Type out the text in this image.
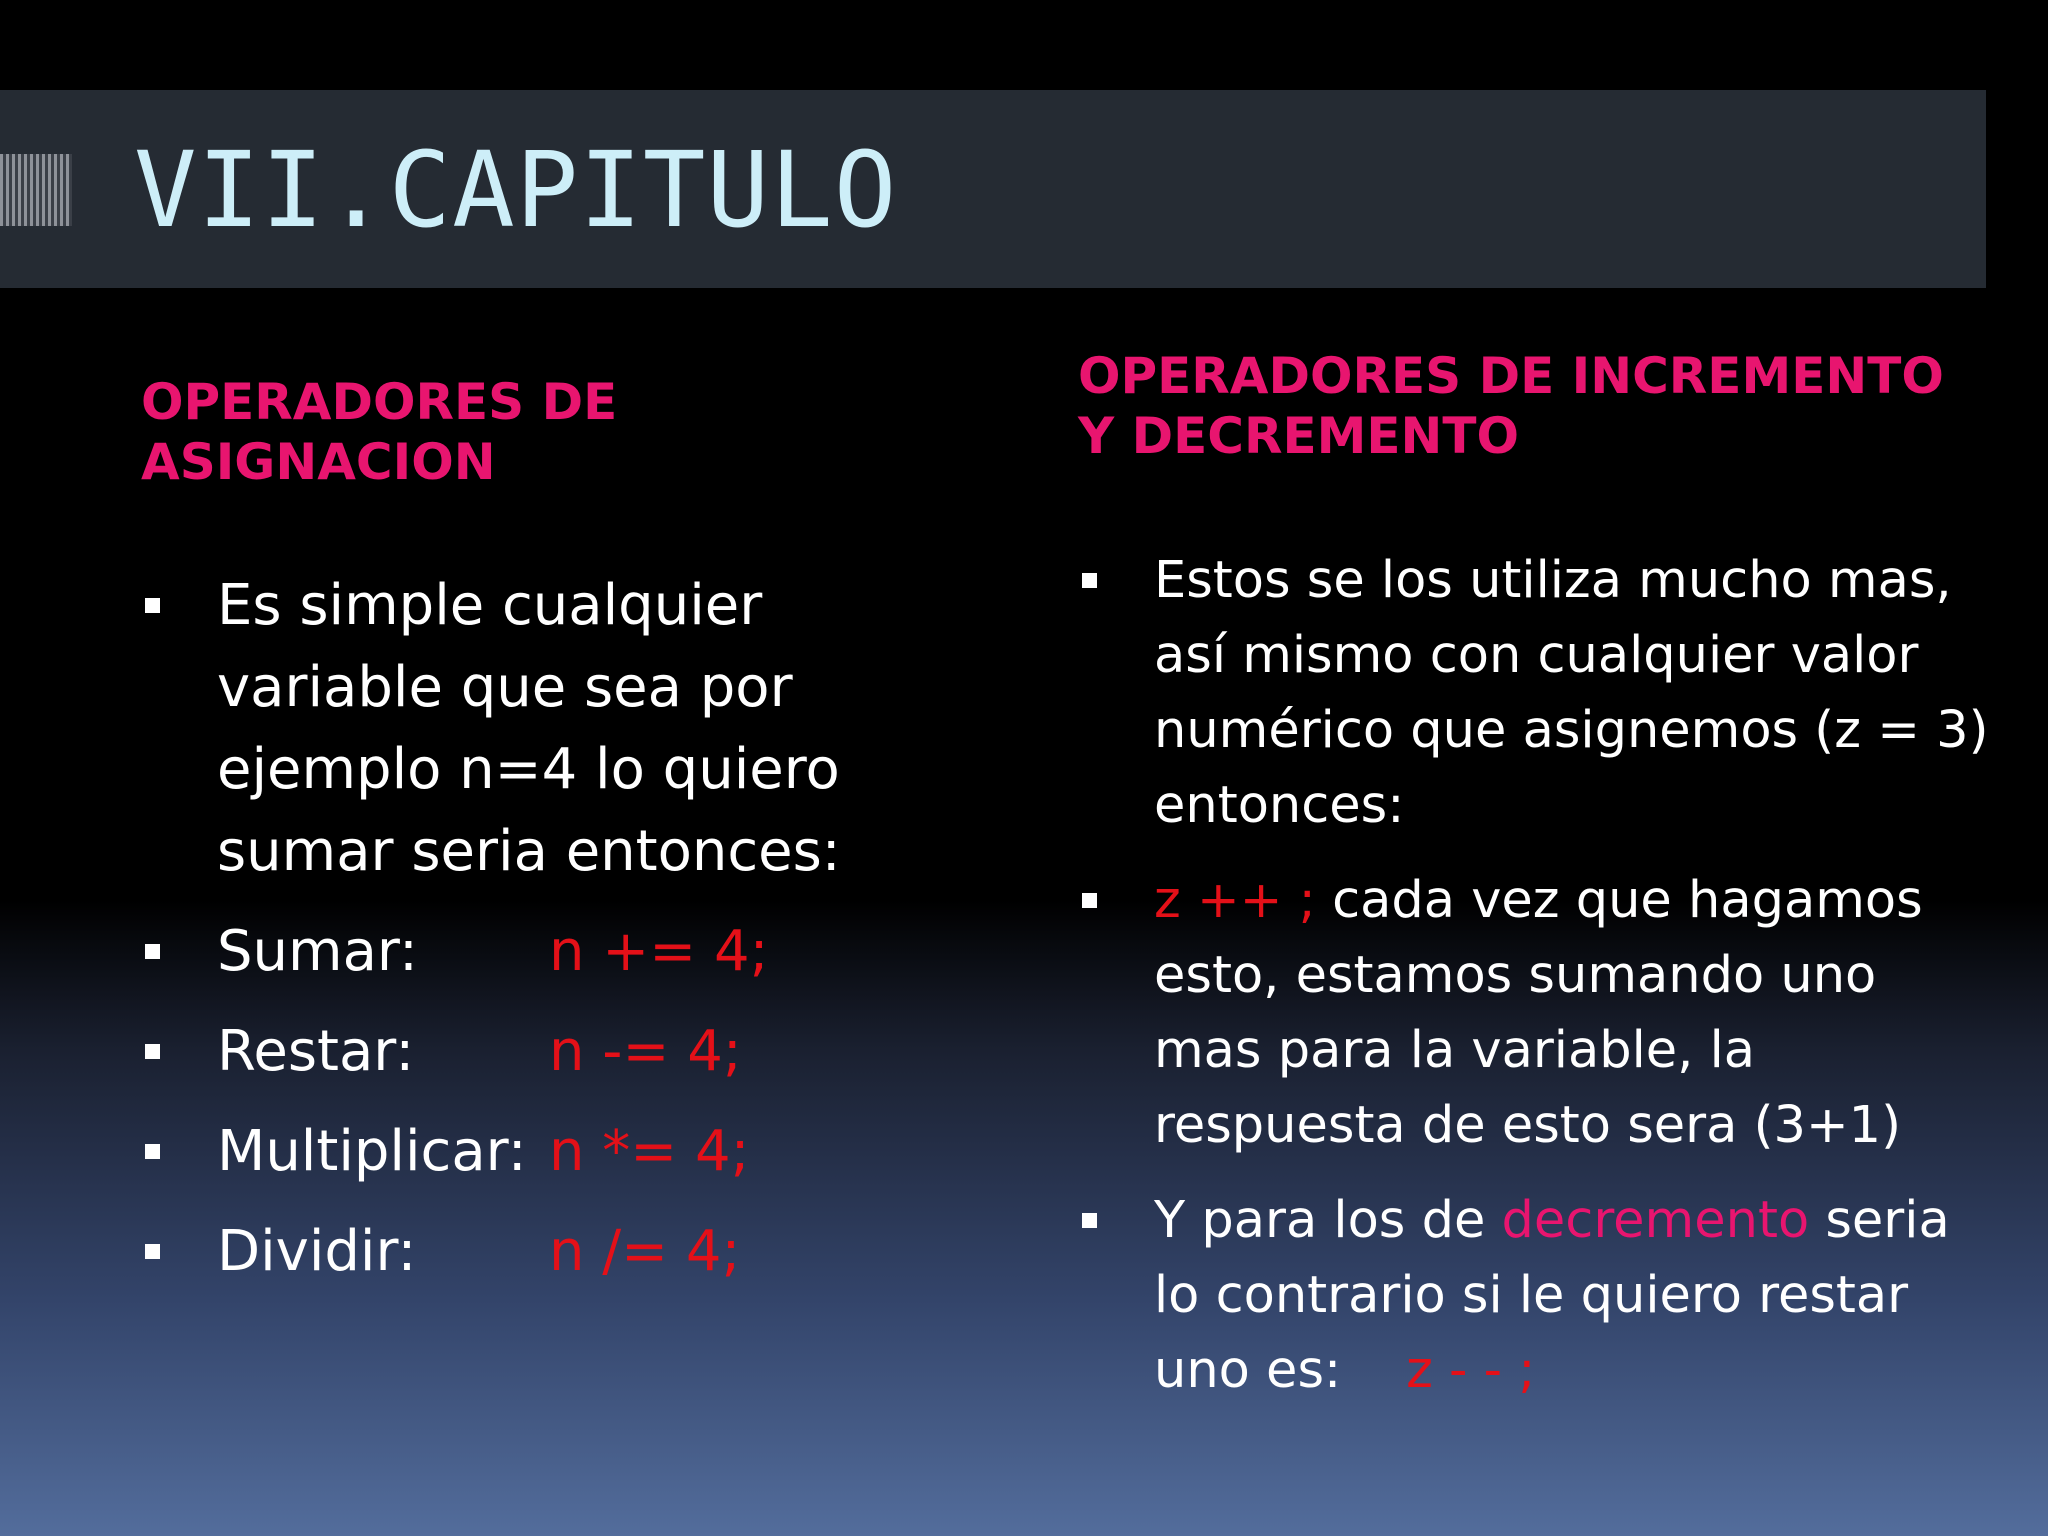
VII.CAPITULO
OPERADORES DE
ASIGNACION
Es simple cualquier variable que sea por ejemplo n=4 lo quiero sumar seria entonces:
Sumar: n += 4;
Restar: n -= 4;
Multiplicar: n *= 4;
Dividir: n /= 4;
OPERADORES DE INCREMENTO
Y DECREMENTO
Estos se los utiliza mucho mas, así mismo con cualquier valor numérico que asignemos (z = 3) entonces:
z ++ ; cada vez que hagamos esto, estamos sumando uno mas para la variable, la respuesta de esto sera (3+1)
Y para los de decremento seria lo contrario si le quiero restar uno es: z - - ;
